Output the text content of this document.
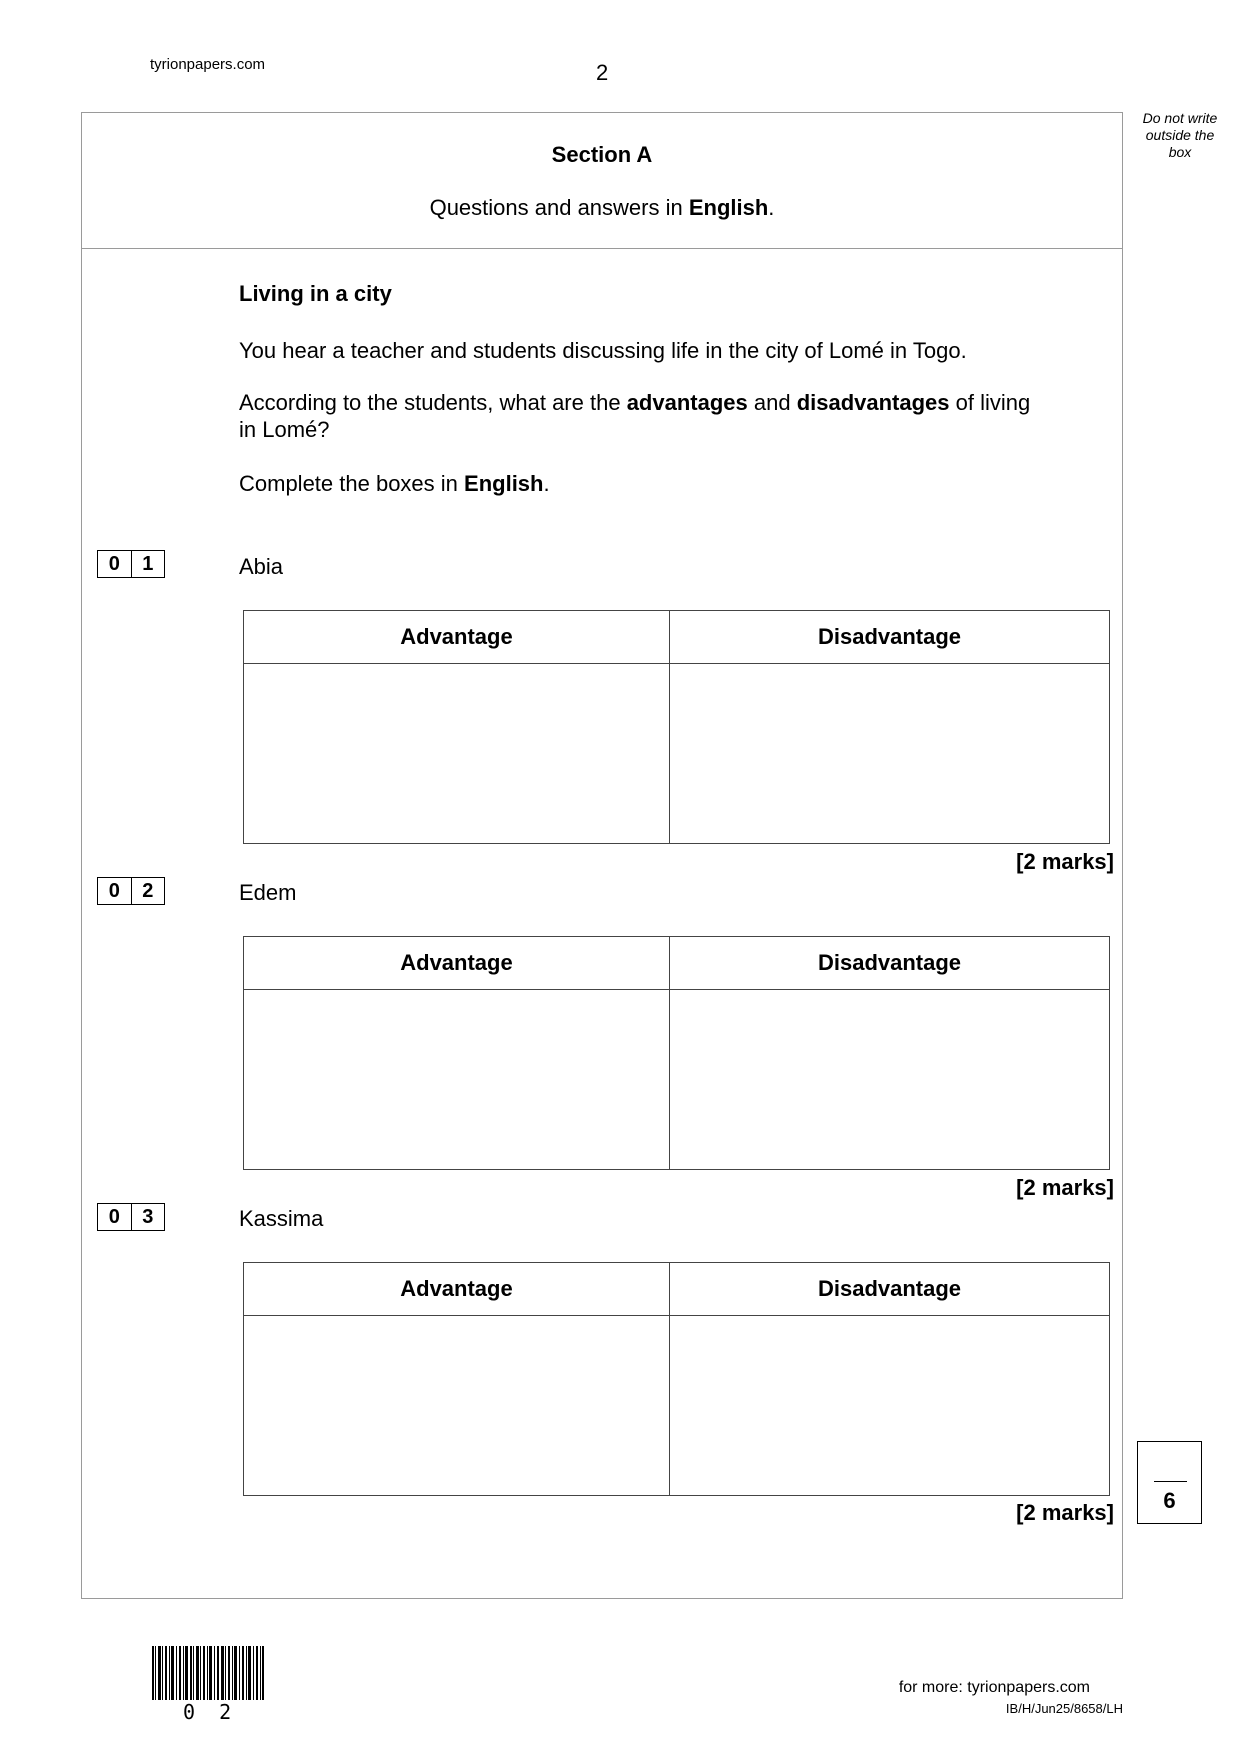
tyrionpapers.com	2
Do not write
outside the
box
Section A
Questions and answers in English.
Living in a city
You hear a teacher and students discussing life in the city of Lomé in Togo.
According to the students, what are the advantages and disadvantages of living
in Lomé?
Complete the boxes in English.
0	1	Abia
Advantage	Disadvantage
[2 marks]
0	2	Edem
Advantage	Disadvantage
[2 marks]
0	3	Kassima
Advantage	Disadvantage
[2 marks]	6
0 2
for more: tyrionpapers.com
IB/H/Jun25/8658/LH
